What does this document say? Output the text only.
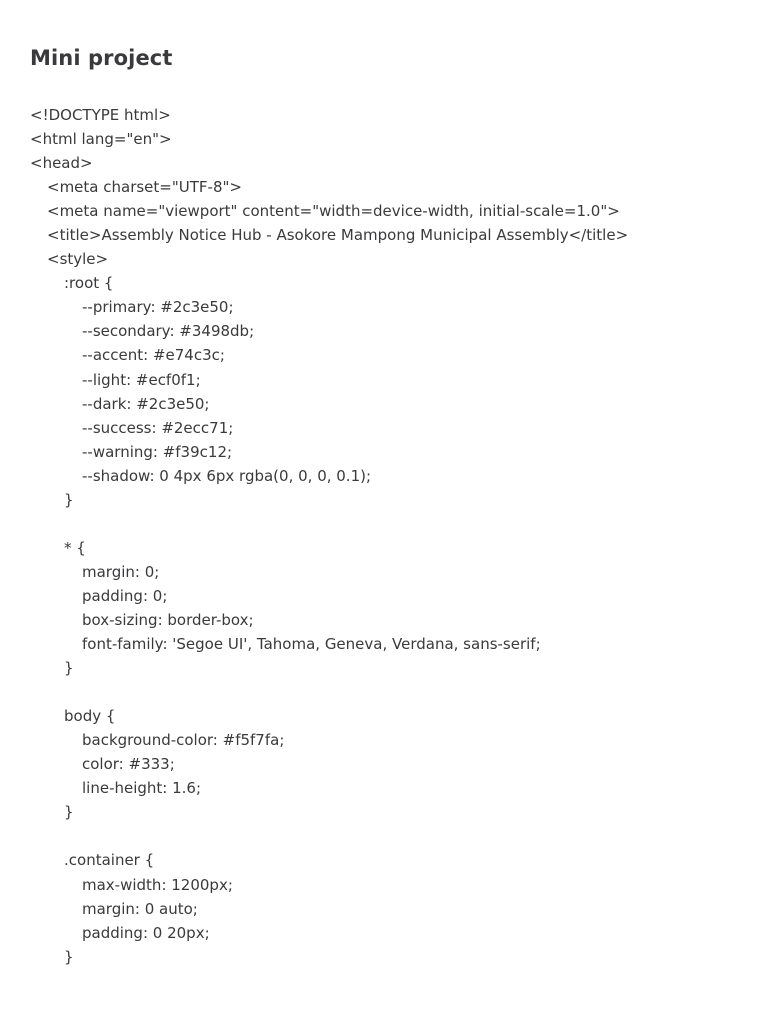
Mini project
<!DOCTYPE html>
<html lang="en">
<head>
<meta charset="UTF-8">
<meta name="viewport" content="width=device-width, initial-scale=1.0">
<title>Assembly Notice Hub - Asokore Mampong Municipal Assembly</title>
<style>
:root {
--primary: #2c3e50;
--secondary: #3498db;
--accent: #e74c3c;
--light: #ecf0f1;
--dark: #2c3e50;
--success: #2ecc71;
--warning: #f39c12;
--shadow: 0 4px 6px rgba(0, 0, 0, 0.1);
}
* {
margin: 0;
padding: 0;
box-sizing: border-box;
font-family: 'Segoe UI', Tahoma, Geneva, Verdana, sans-serif;
}
body {
background-color: #f5f7fa;
color: #333;
line-height: 1.6;
}
.container {
max-width: 1200px;
margin: 0 auto;
padding: 0 20px;
}
